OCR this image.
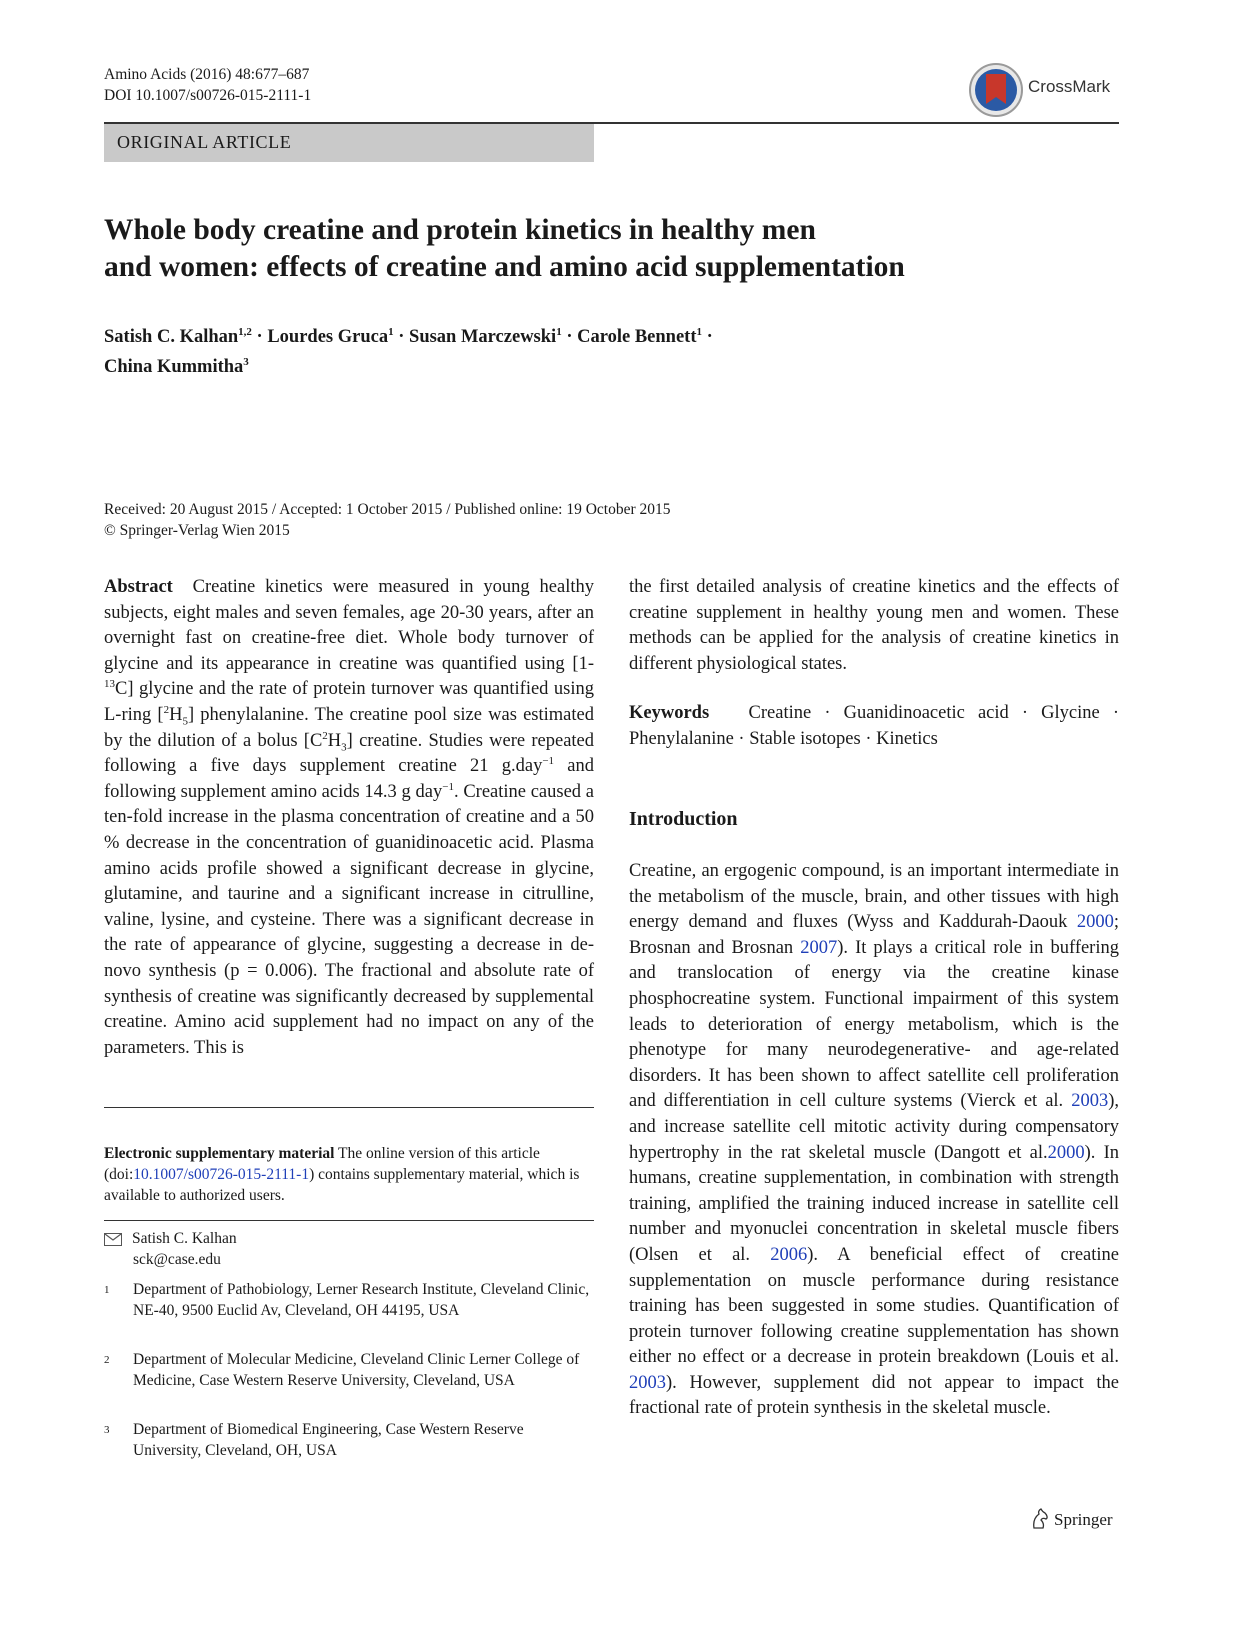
Amino Acids (2016) 48:677–687
DOI 10.1007/s00726-015-2111-1	CrossMark
ORIGINAL ARTICLE
Whole body creatine and protein kinetics in healthy men
and women: effects of creatine and amino acid supplementation
Satish C. Kalhan$^{1,2}$ · Lourdes Gruca$^1$ · Susan Marczewski$^1$ · Carole Bennett$^1$ ·
China Kummitha$^3$
Received: 20 August 2015 / Accepted: 1 October 2015 / Published online: 19 October 2015
© Springer-Verlag Wien 2015
Abstract Creatine kinetics were measured in young healthy subjects, eight males and seven females, age 20-30 years, after an overnight fast on creatine-free diet. Whole body turnover of glycine and its appearance in creatine was quantified using [1-$^{13}$C] glycine and the rate of protein turnover was quantified using L-ring $[^2H_5]$ phenylalanine. The creatine pool size was estimated by the dilution of a bolus $[C^2H_3]$ creatine. Studies were repeated following a five days supplement creatine 21 g.day$^{-1}$ and following supplement amino acids 14.3 g day$^{-1}$. Creatine caused a ten-fold increase in the plasma concentration of creatine and a 50 % decrease in the concentration of guanidinoacetic acid. Plasma amino acids profile showed a significant decrease in glycine, glutamine, and taurine and a significant increase in citrulline, valine, lysine, and cysteine. There was a significant decrease in the rate of appearance of glycine, suggesting a decrease in de-novo synthesis (p = 0.006). The fractional and absolute rate of synthesis of creatine was significantly decreased by supplemental creatine. Amino acid supplement had no impact on any of the parameters. This is
the first detailed analysis of creatine kinetics and the effects of creatine supplement in healthy young men and women. These methods can be applied for the analysis of creatine kinetics in different physiological states.
Keywords Creatine · Guanidinoacetic acid · Glycine · Phenylalanine · Stable isotopes · Kinetics
Introduction
Creatine, an ergogenic compound, is an important intermediate in the metabolism of the muscle, brain, and other tissues with high energy demand and fluxes (Wyss and Kaddurah-Daouk 2000; Brosnan and Brosnan 2007). It plays a critical role in buffering and translocation of energy via the creatine kinase phosphocreatine system. Functional impairment of this system leads to deterioration of energy metabolism, which is the phenotype for many neurodegenerative- and age-related disorders. It has been shown to affect satellite cell proliferation and differentiation in cell culture systems (Vierck et al. 2003), and increase satellite cell mitotic activity during compensatory hypertrophy in the rat skeletal muscle (Dangott et al.2000). In humans, creatine supplementation, in combination with strength training, amplified the training induced increase in satellite cell number and myonuclei concentration in skeletal muscle fibers (Olsen et al. 2006). A beneficial effect of creatine supplementation on muscle performance during resistance training has been suggested in some studies. Quantification of protein turnover following creatine supplementation has shown either no effect or a decrease in protein breakdown (Louis et al. 2003). However, supplement did not appear to impact the fractional rate of protein synthesis in the skeletal muscle.
Electronic supplementary material The online version of this article (doi:10.1007/s00726-015-2111-1) contains supplementary material, which is available to authorized users.
Satish C. Kalhan
sck@case.edu
1	Department of Pathobiology, Lerner Research Institute, Cleveland Clinic, NE-40, 9500 Euclid Av, Cleveland, OH 44195, USA
2	Department of Molecular Medicine, Cleveland Clinic Lerner College of Medicine, Case Western Reserve University, Cleveland, USA
3	Department of Biomedical Engineering, Case Western Reserve University, Cleveland, OH, USA
Springer
